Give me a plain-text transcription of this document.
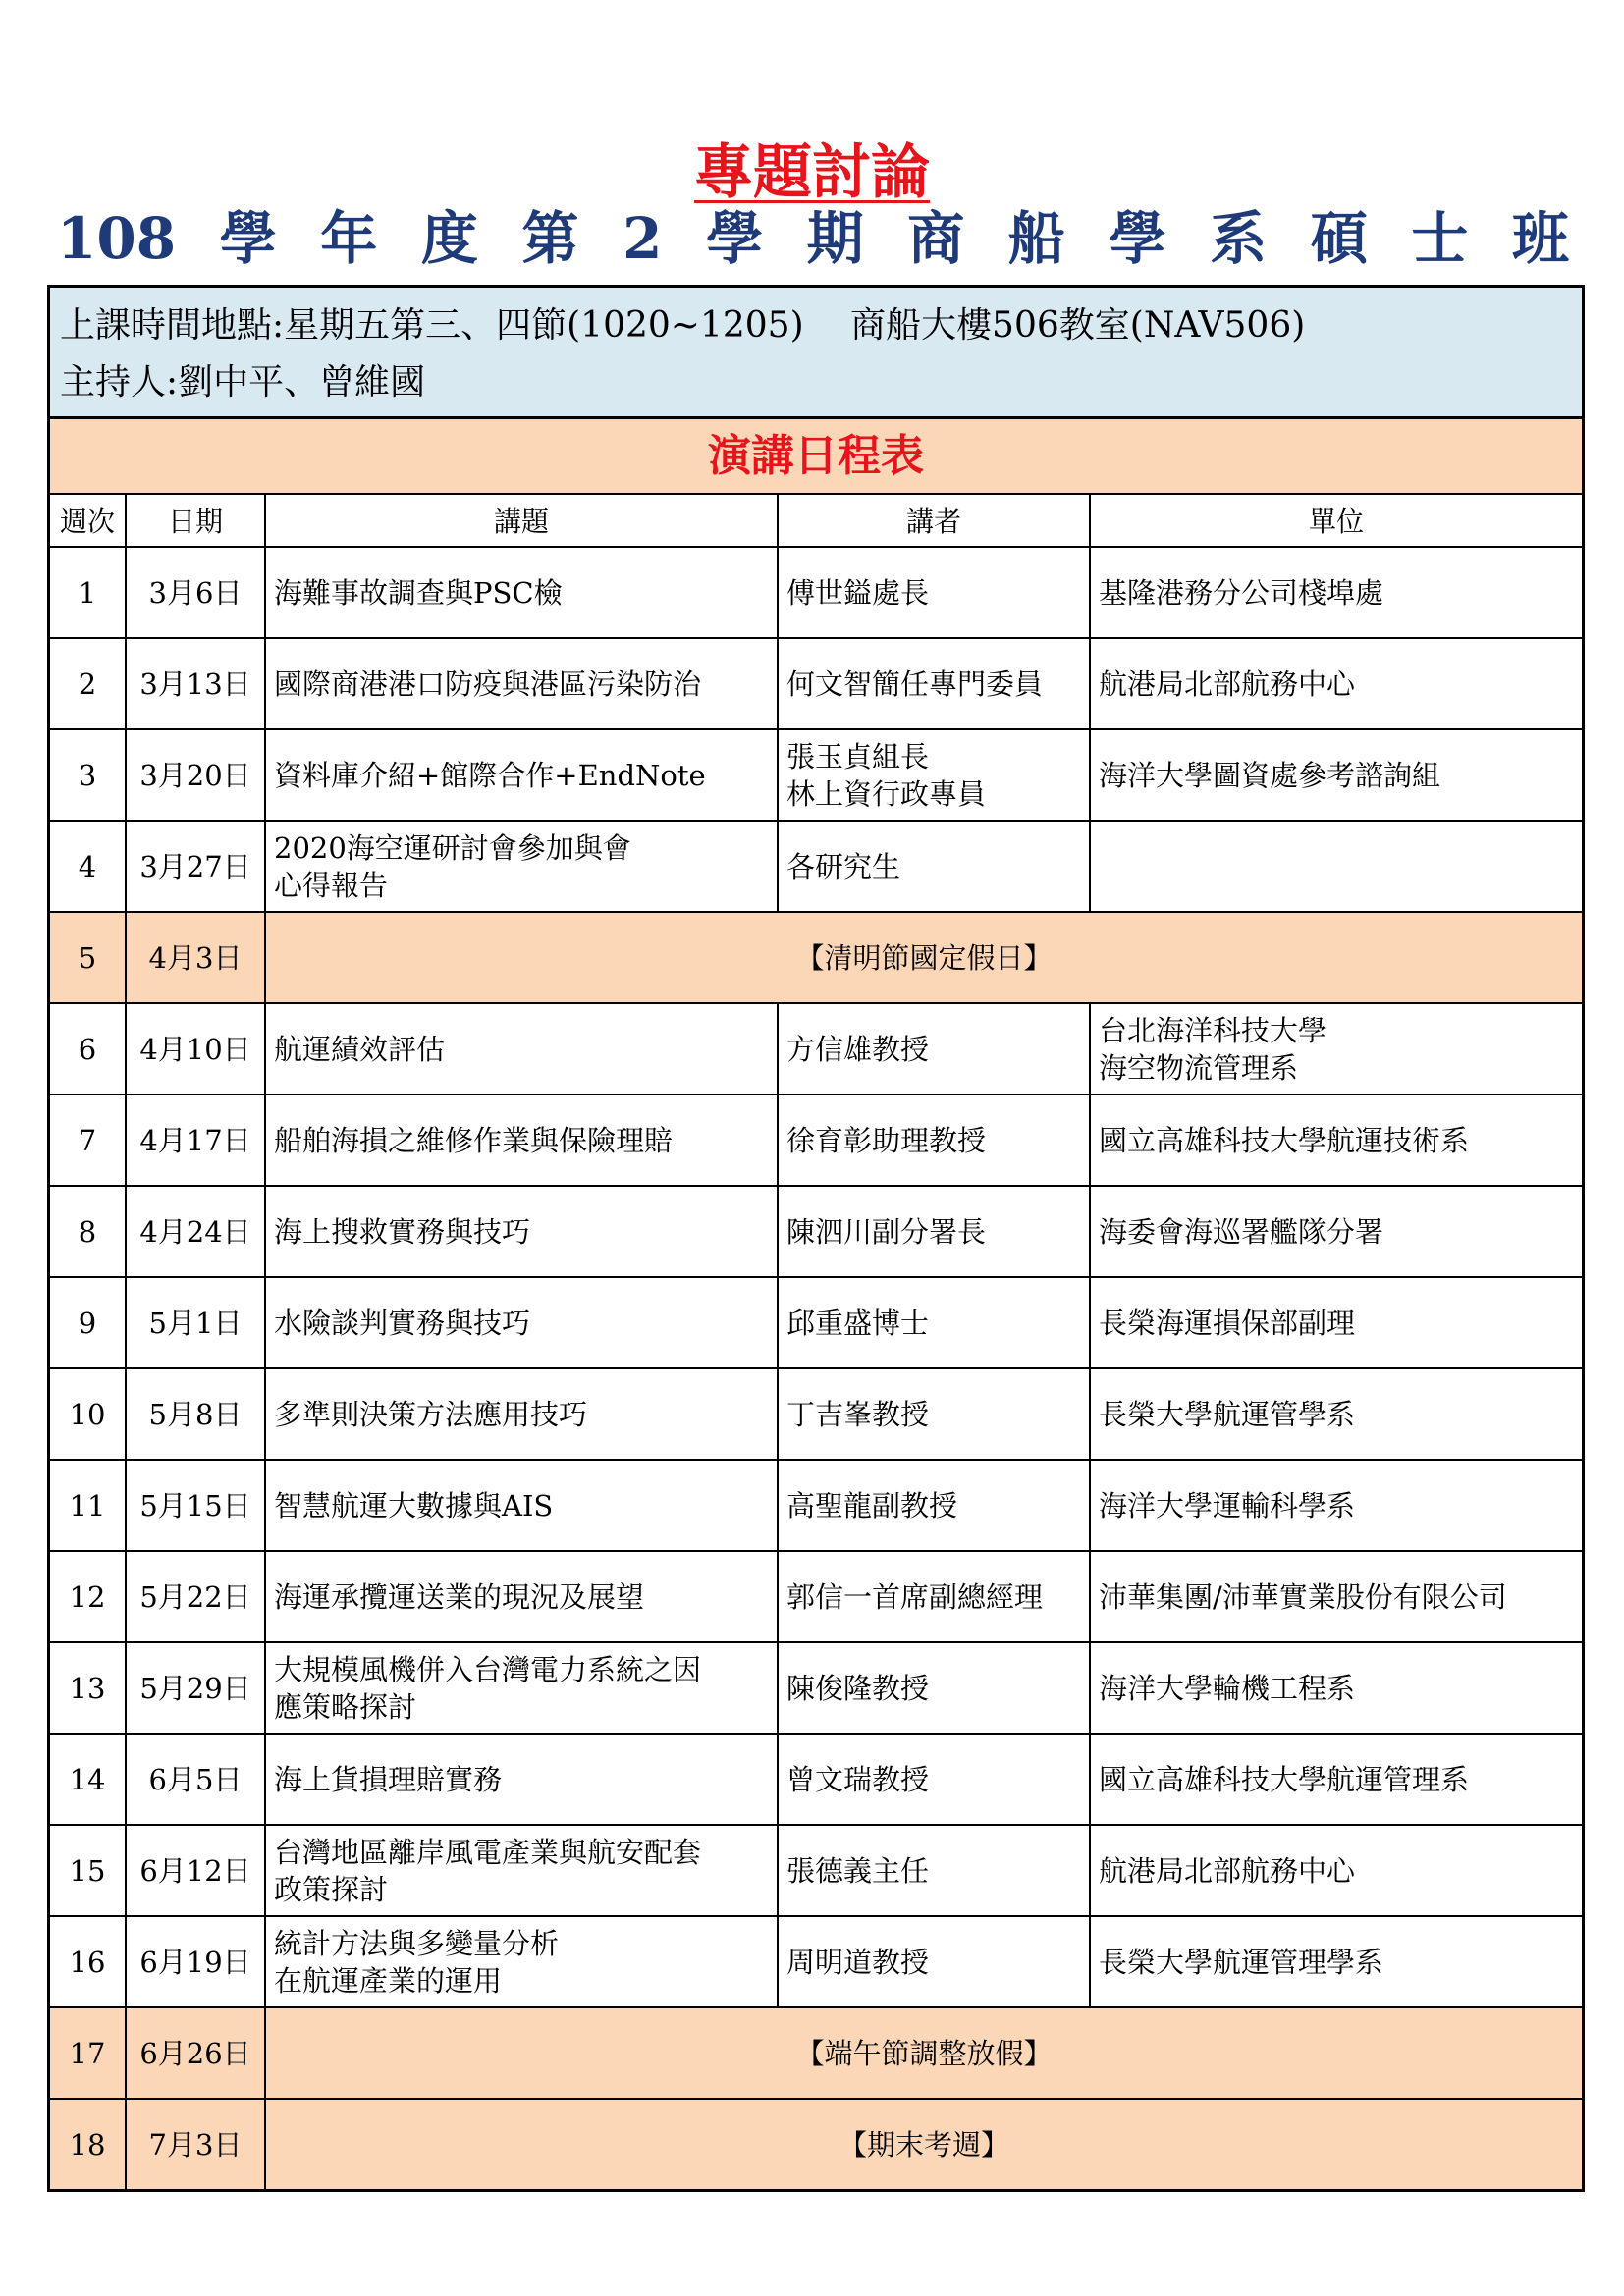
專題討論
108 學 年 度 第 2 學 期 商 船 學 系 碩 士 班
上課時間地點:星期五第三、四節(1020~1205)　 商船大樓506教室(NAV506)
主持人:劉中平、曾維國
演講日程表
週次	日期	講題	講者	單位
1	3月6日	海難事故調查與PSC檢	傅世鎰處長	基隆港務分公司棧埠處

2	3月13日	國際商港港口防疫與港區污染防治	何文智簡任專門委員	航港局北部航務中心

3	3月20日	資料庫介紹+館際合作+EndNote	張玉貞組長
林上資行政專員	海洋大學圖資處參考諮詢組

4	3月27日	2020海空運研討會參加與會
心得報告	各研究生	

5	4月3日	【清明節國定假日】		
6	4月10日	航運績效評估	方信雄教授	台北海洋科技大學
海空物流管理系

7	4月17日	船舶海損之維修作業與保險理賠	徐育彰助理教授	國立高雄科技大學航運技術系

8	4月24日	海上搜救實務與技巧	陳泗川副分署長	海委會海巡署艦隊分署

9	5月1日	水險談判實務與技巧	邱重盛博士	長榮海運損保部副理

10	5月8日	多準則決策方法應用技巧	丁吉峯教授	長榮大學航運管學系

11	5月15日	智慧航運大數據與AIS	高聖龍副教授	海洋大學運輸科學系

12	5月22日	海運承攬運送業的現況及展望	郭信一首席副總經理	沛華集團/沛華實業股份有限公司

13	5月29日	大規模風機併入台灣電力系統之因
應策略探討	陳俊隆教授	海洋大學輪機工程系

14	6月5日	海上貨損理賠實務	曾文瑞教授	國立高雄科技大學航運管理系

15	6月12日	台灣地區離岸風電產業與航安配套
政策探討	張德義主任	航港局北部航務中心

16	6月19日	統計方法與多變量分析
在航運產業的運用	周明道教授	長榮大學航運管理學系

17	6月26日	【端午節調整放假】		
18	7月3日	【期末考週】		
